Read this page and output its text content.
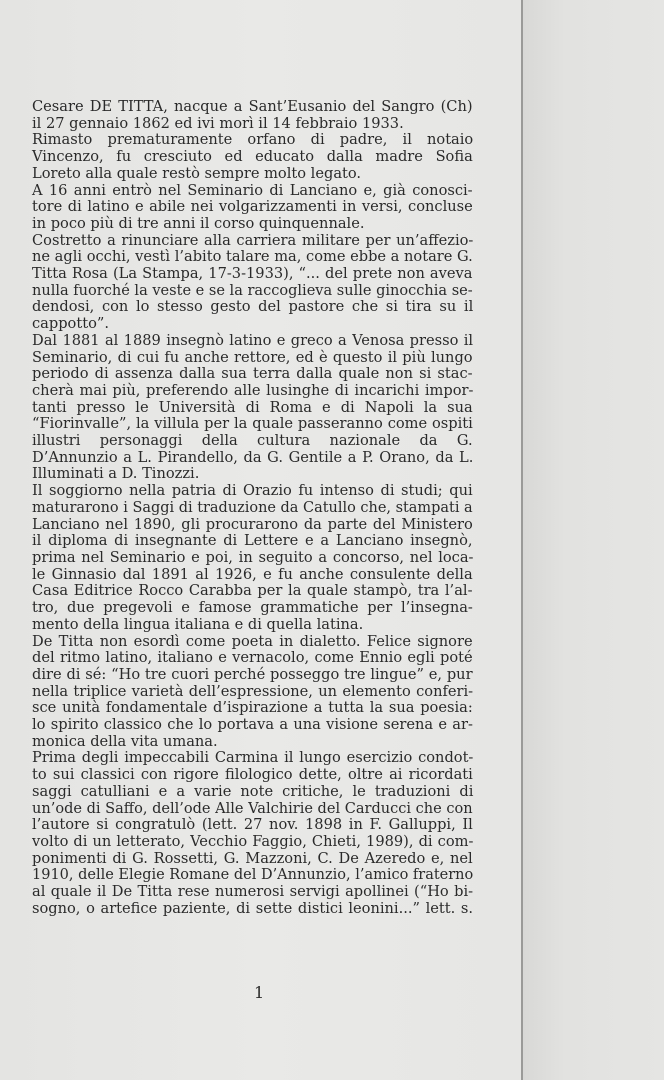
Cesare DE TITTA, nacque a Sant’Eusanio del Sangro (Ch)
il 27 gennaio 1862 ed ivi morì il 14 febbraio 1933.

Rimasto prematuramente orfano di padre, il notaio
Vincenzo, fu cresciuto ed educato dalla madre Sofia
Loreto alla quale restò sempre molto legato.

A 16 anni entrò nel Seminario di Lanciano e, già conosci-
tore di latino e abile nei volgarizzamenti in versi, concluse
in poco più di tre anni il corso quinquennale.

Costretto a rinunciare alla carriera militare per un’affezio-
ne agli occhi, vestì l’abito talare ma, come ebbe a notare G.
Titta Rosa (La Stampa, 17-3-1933), “... del prete non aveva
nulla fuorché la veste e se la raccoglieva sulle ginocchia se-
dendosi, con lo stesso gesto del pastore che si tira su il
cappotto”.

Dal 1881 al 1889 insegnò latino e greco a Venosa presso il
Seminario, di cui fu anche rettore, ed è questo il più lungo
periodo di assenza dalla sua terra dalla quale non si stac-
cherà mai più, preferendo alle lusinghe di incarichi impor-
tanti presso le Università di Roma e di Napoli la sua
“Fiorinvalle”, la villula per la quale passeranno come ospiti
illustri personaggi della cultura nazionale da G.
D’Annunzio a L. Pirandello, da G. Gentile a P. Orano, da L.
Illuminati a D. Tinozzi.

Il soggiorno nella patria di Orazio fu intenso di studi; qui
maturarono i Saggi di traduzione da Catullo che, stampati a
Lanciano nel 1890, gli procurarono da parte del Ministero
il diploma di insegnante di Lettere e a Lanciano insegnò,
prima nel Seminario e poi, in seguito a concorso, nel loca-
le Ginnasio dal 1891 al 1926, e fu anche consulente della
Casa Editrice Rocco Carabba per la quale stampò, tra l’al-
tro, due pregevoli e famose grammatiche per l’insegna-
mento della lingua italiana e di quella latina.

De Titta non esordì come poeta in dialetto. Felice signore
del ritmo latino, italiano e vernacolo, come Ennio egli poté
dire di sé: “Ho tre cuori perché posseggo tre lingue” e, pur
nella triplice varietà dell’espressione, un elemento conferi-
sce unità fondamentale d’ispirazione a tutta la sua poesia:
lo spirito classico che lo portava a una visione serena e ar-
monica della vita umana.

Prima degli impeccabili Carmina il lungo esercizio condot-
to sui classici con rigore filologico dette, oltre ai ricordati
saggi catulliani e a varie note critiche, le traduzioni di
un’ode di Saffo, dell’ode Alle Valchirie del Carducci che con
l’autore si congratulò (lett. 27 nov. 1898 in F. Galluppi, Il
volto di un letterato, Vecchio Faggio, Chieti, 1989), di com-
ponimenti di G. Rossetti, G. Mazzoni, C. De Azeredo e, nel
1910, delle Elegie Romane del D’Annunzio, l’amico fraterno
al quale il De Titta rese numerosi servigi apollinei (“Ho bi-
sogno, o artefice paziente, di sette distici leonini...” lett. s.

1
